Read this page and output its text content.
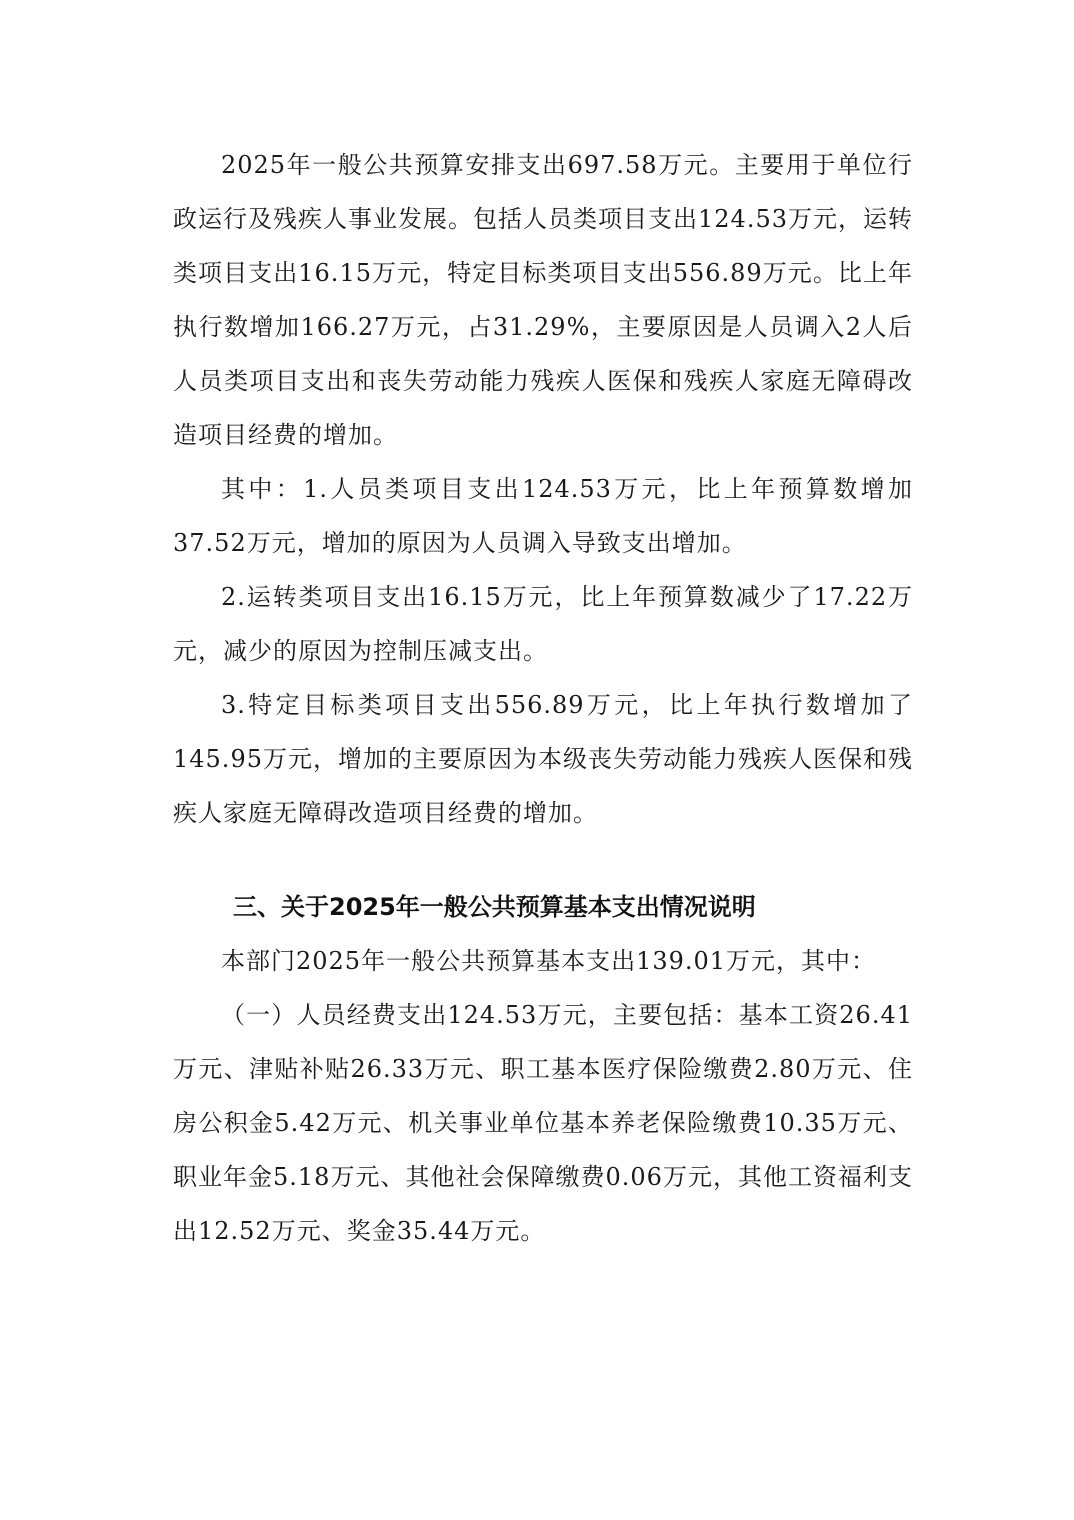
2025年一般公共预算安排支出697.58万元。主要用于单位行政运行及残疾人事业发展。包括人员类项目支出124.53万元，运转类项目支出16.15万元，特定目标类项目支出556.89万元。比上年执行数增加166.27万元，占31.29%，主要原因是人员调入2人后人员类项目支出和丧失劳动能力残疾人医保和残疾人家庭无障碍改造项目经费的增加。

其中：1.人员类项目支出124.53万元，比上年预算数增加37.52万元，增加的原因为人员调入导致支出增加。

2.运转类项目支出16.15万元，比上年预算数减少了17.22万元，减少的原因为控制压减支出。

3.特定目标类项目支出556.89万元，比上年执行数增加了145.95万元，增加的主要原因为本级丧失劳动能力残疾人医保和残疾人家庭无障碍改造项目经费的增加。

三、关于2025年一般公共预算基本支出情况说明

本部门2025年一般公共预算基本支出139.01万元，其中：

（一）人员经费支出124.53万元，主要包括：基本工资26.41万元、津贴补贴26.33万元、职工基本医疗保险缴费2.80万元、住房公积金5.42万元、机关事业单位基本养老保险缴费10.35万元、职业年金5.18万元、其他社会保障缴费0.06万元，其他工资福利支出12.52万元、奖金35.44万元。
